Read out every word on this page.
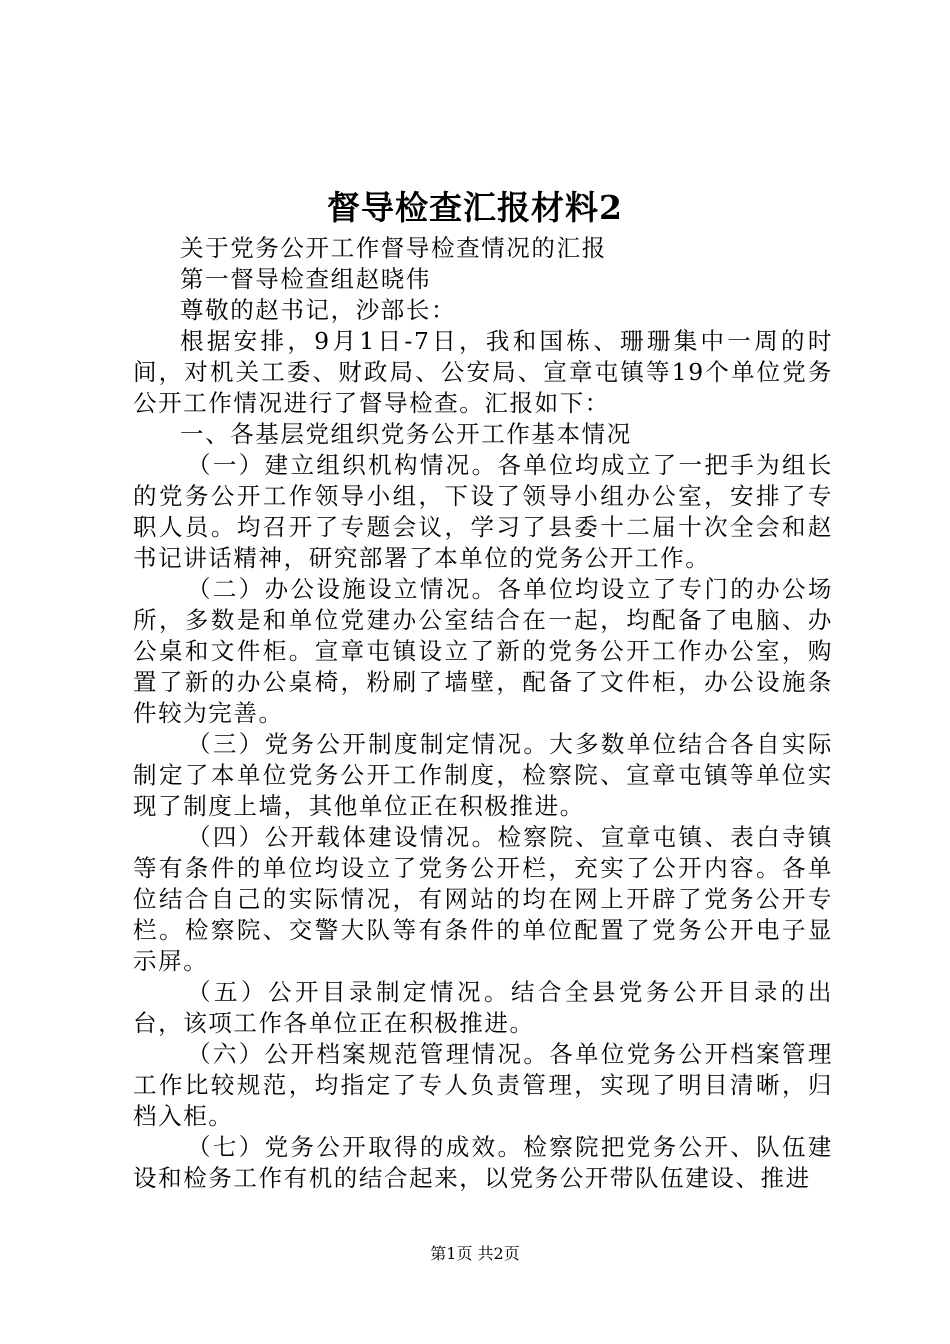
督导检查汇报材料2

关于党务公开工作督导检查情况的汇报

第一督导检查组赵晓伟

尊敬的赵书记，沙部长：

根据安排，9月1日-7日，我和国栋、珊珊集中一周的时间，对机关工委、财政局、公安局、宣章屯镇等19个单位党务公开工作情况进行了督导检查。汇报如下：

一、各基层党组织党务公开工作基本情况

（一）建立组织机构情况。各单位均成立了一把手为组长的党务公开工作领导小组，下设了领导小组办公室，安排了专职人员。均召开了专题会议，学习了县委十二届十次全会和赵书记讲话精神，研究部署了本单位的党务公开工作。

（二）办公设施设立情况。各单位均设立了专门的办公场所，多数是和单位党建办公室结合在一起，均配备了电脑、办公桌和文件柜。宣章屯镇设立了新的党务公开工作办公室，购置了新的办公桌椅，粉刷了墙壁，配备了文件柜，办公设施条件较为完善。

（三）党务公开制度制定情况。大多数单位结合各自实际制定了本单位党务公开工作制度，检察院、宣章屯镇等单位实现了制度上墙，其他单位正在积极推进。

（四）公开载体建设情况。检察院、宣章屯镇、表白寺镇等有条件的单位均设立了党务公开栏，充实了公开内容。各单位结合自己的实际情况，有网站的均在网上开辟了党务公开专栏。检察院、交警大队等有条件的单位配置了党务公开电子显示屏。

（五）公开目录制定情况。结合全县党务公开目录的出台，该项工作各单位正在积极推进。

（六）公开档案规范管理情况。各单位党务公开档案管理工作比较规范，均指定了专人负责管理，实现了明目清晰，归档入柜。

（七）党务公开取得的成效。检察院把党务公开、队伍建设和检务工作有机的结合起来，以党务公开带队伍建设、推进

第1页 共2页
